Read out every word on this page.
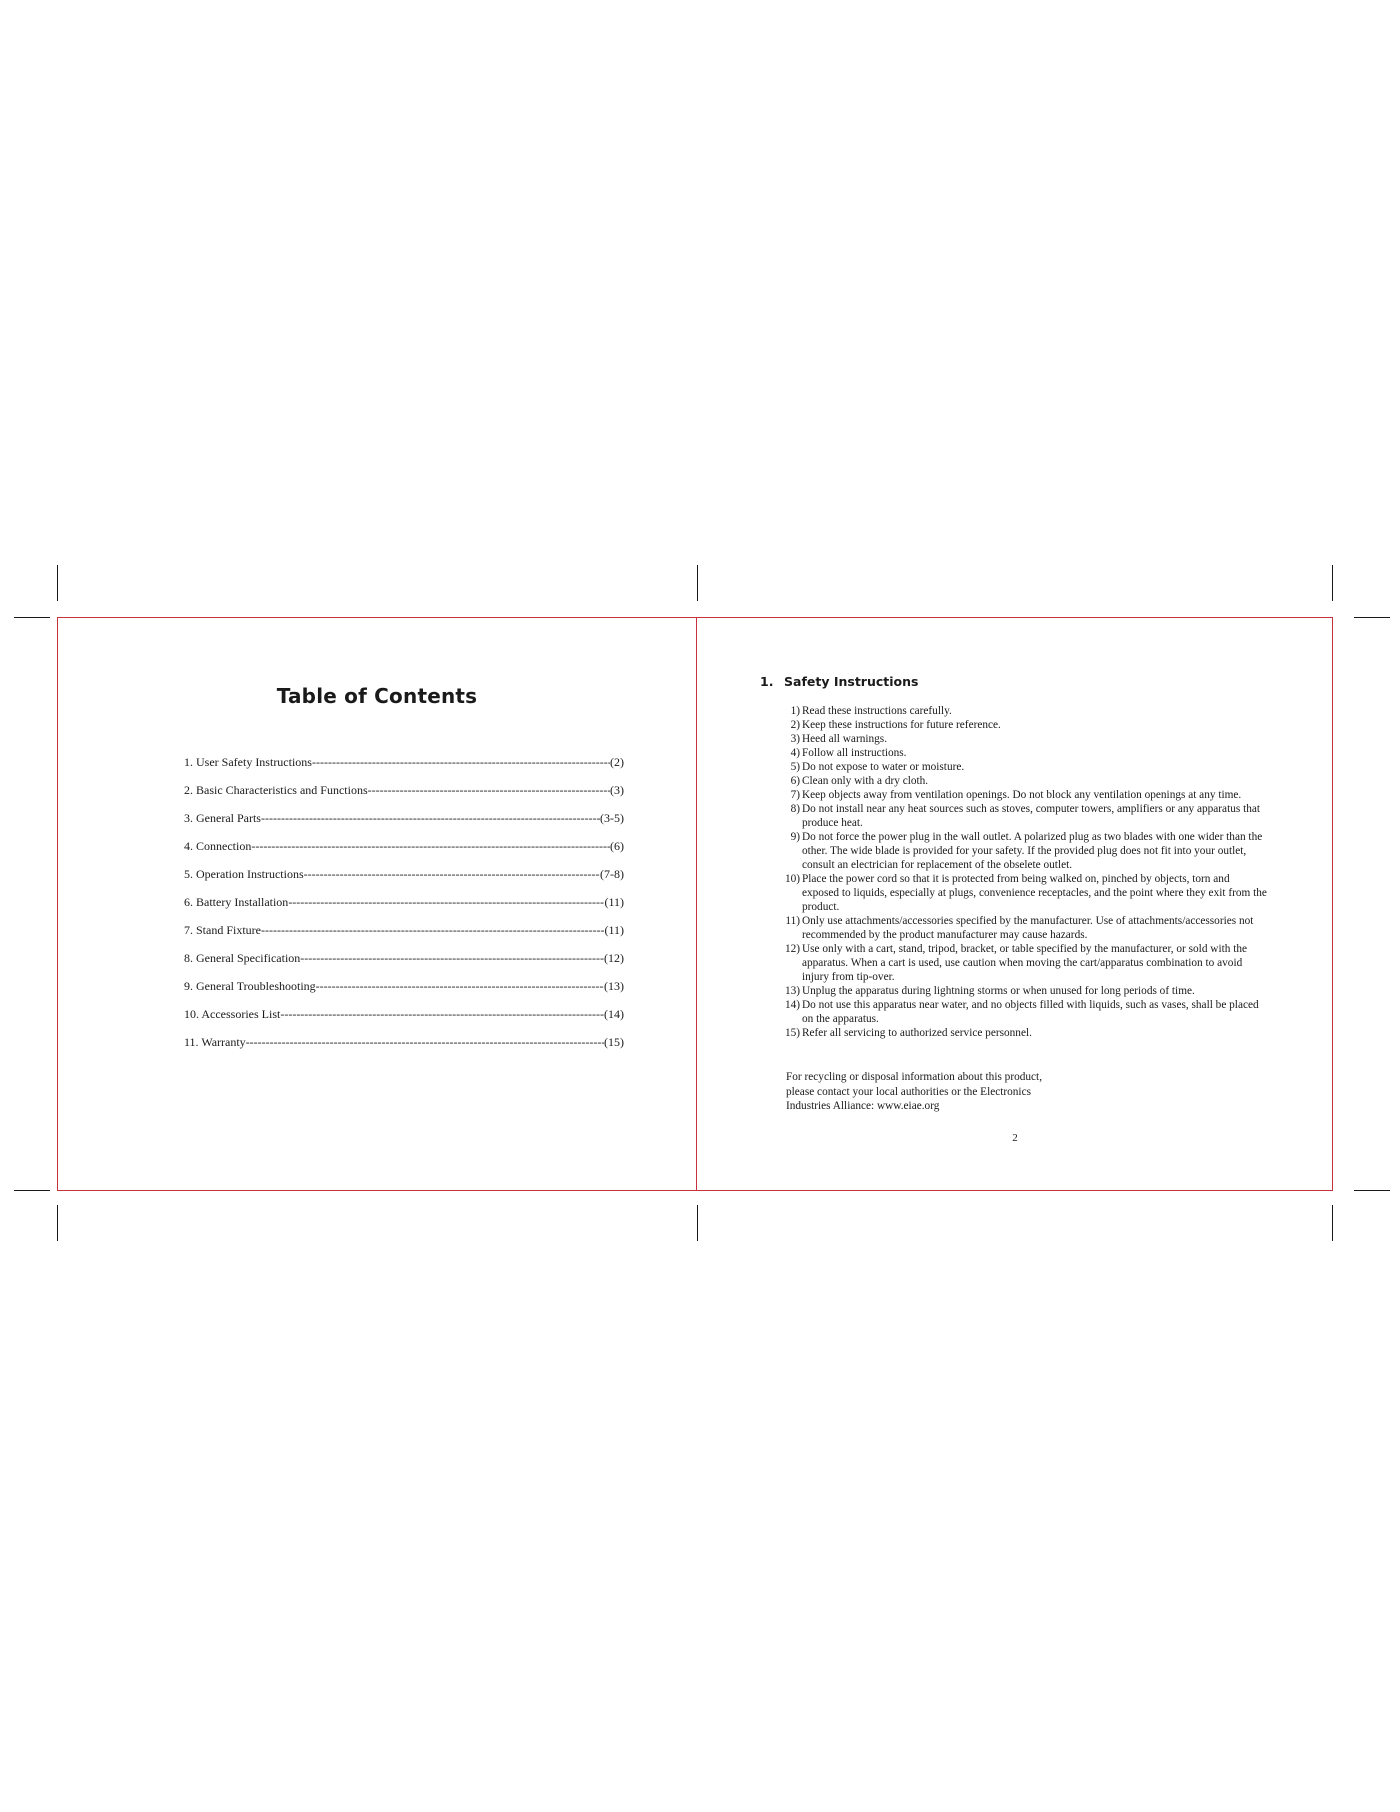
Table of Contents
1. User Safety Instructions -----	(2)
2. Basic Characteristics and Functions -----	(3)
3. General Parts -----	(3-5)
4. Connection -----	(6)
5. Operation Instructions -----	(7-8)
6. Battery Installation -----	(11)
7. Stand Fixture -----	(11)
8. General Specification -----	(12)
9. General Troubleshooting -----	(13)
10. Accessories List -----	(14)
11. Warranty -----	(15)
1. Safety Instructions
1) Read these instructions carefully.
2) Keep these instructions for future reference.
3) Heed all warnings.
4) Follow all instructions.
5) Do not expose to water or moisture.
6) Clean only with a dry cloth.
7) Keep objects away from ventilation openings. Do not block any ventilation openings at any time.
8) Do not install near any heat sources such as stoves, computer towers, amplifiers or any apparatus that produce heat.
9) Do not force the power plug in the wall outlet. A polarized plug as two blades with one wider than the other. The wide blade is provided for your safety. If the provided plug does not fit into your outlet, consult an electrician for replacement of the obselete outlet.
10) Place the power cord so that it is protected from being walked on, pinched by objects, torn and exposed to liquids, especially at plugs, convenience receptacles, and the point where they exit from the product.
11) Only use attachments/accessories specified by the manufacturer. Use of attachments/accessories not recommended by the product manufacturer may cause hazards.
12) Use only with a cart, stand, tripod, bracket, or table specified by the manufacturer, or sold with the apparatus. When a cart is used, use caution when moving the cart/apparatus combination to avoid injury from tip-over.
13) Unplug the apparatus during lightning storms or when unused for long periods of time.
14) Do not use this apparatus near water, and no objects filled with liquids, such as vases, shall be placed on the apparatus.
15) Refer all servicing to authorized service personnel.
For recycling or disposal information about this product,
please contact your local authorities or the Electronics
Industries Alliance: www.eiae.org
2
